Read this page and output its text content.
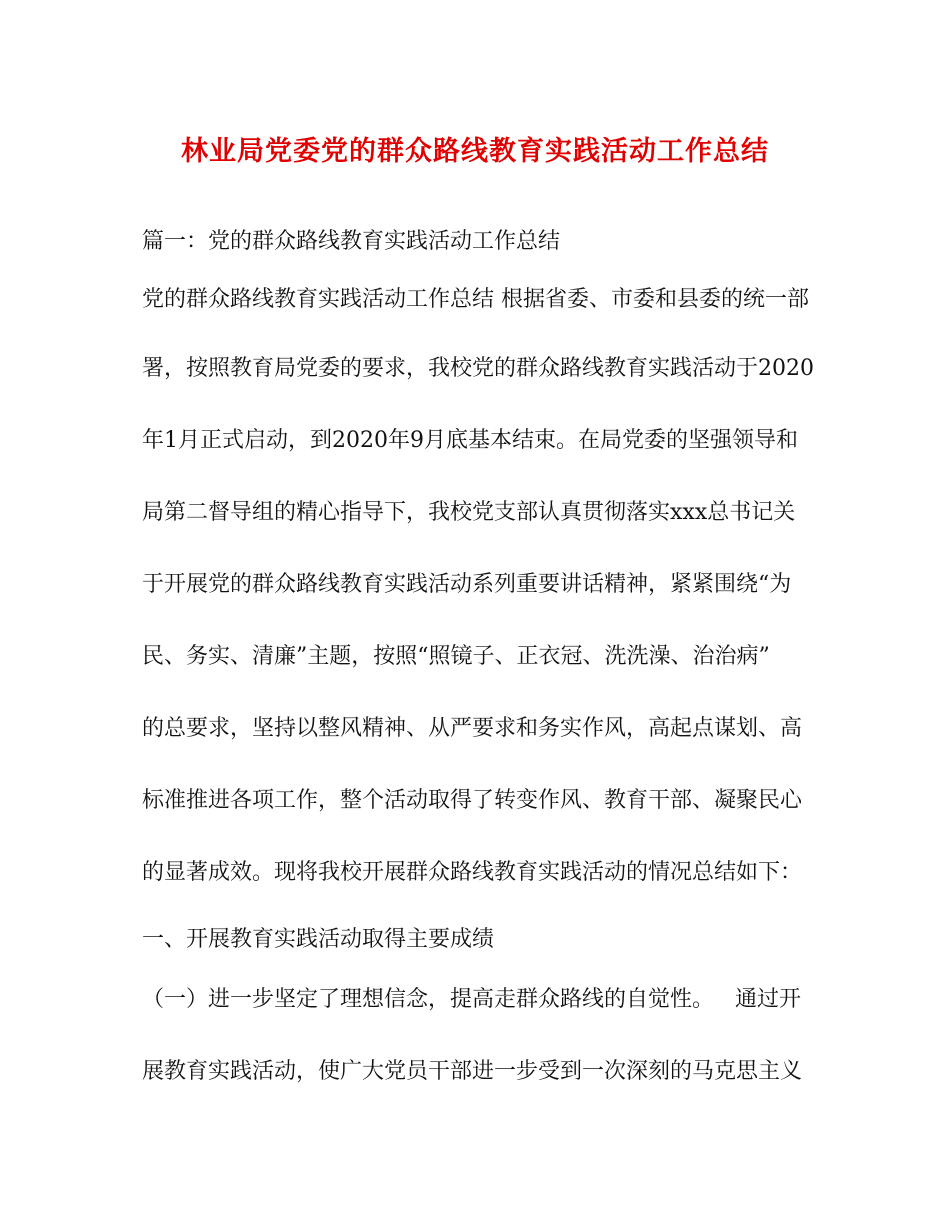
林业局党委党的群众路线教育实践活动工作总结
篇一：党的群众路线教育实践活动工作总结
党的群众路线教育实践活动工作总结 根据省委、市委和县委的统一部
署，按照教育局党委的要求，我校党的群众路线教育实践活动于2020
年1月正式启动，到2020年9月底基本结束。在局党委的坚强领导和
局第二督导组的精心指导下，我校党支部认真贯彻落实xxx总书记关
于开展党的群众路线教育实践活动系列重要讲话精神，紧紧围绕“为
民、务实、清廉”主题，按照“照镜子、正衣冠、洗洗澡、治治病”
的总要求，坚持以整风精神、从严要求和务实作风，高起点谋划、高
标准推进各项工作，整个活动取得了转变作风、教育干部、凝聚民心
的显著成效。现将我校开展群众路线教育实践活动的情况总结如下：
一、开展教育实践活动取得主要成绩
（一）进一步坚定了理想信念，提高走群众路线的自觉性。   通过开
展教育实践活动，使广大党员干部进一步受到一次深刻的马克思主义
